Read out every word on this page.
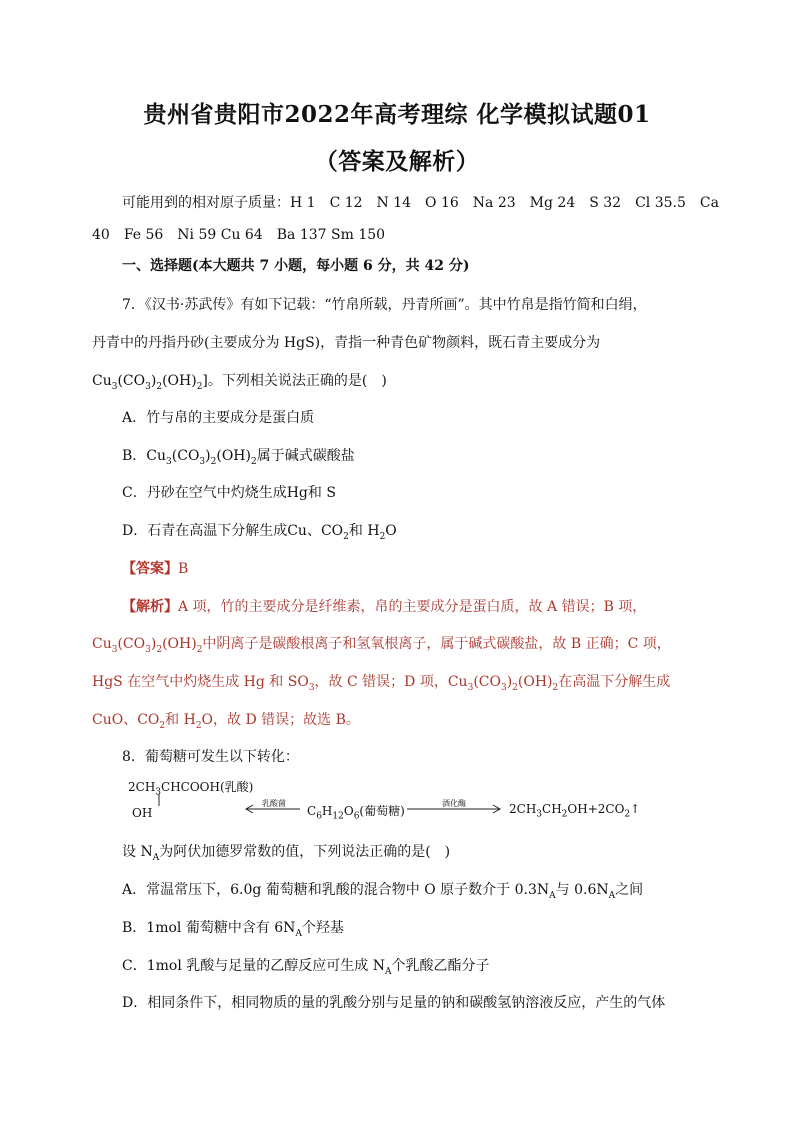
贵州省贵阳市2022年高考理综 化学模拟试题01
（答案及解析）
可能用到的相对原子质量：H 1　C 12　N 14　O 16　Na 23　Mg 24　S 32　Cl 35.5　Ca
40　Fe 56　Ni 59 Cu 64　Ba 137 Sm 150
一、选择题(本大题共 7 小题，每小题 6 分，共 42 分)
7．《汉书·苏武传》有如下记载：“竹帛所载，丹青所画”。其中竹帛是指竹简和白绢，
丹青中的丹指丹砂(主要成分为 HgS)，青指一种青色矿物颜料，既石青主要成分为
$Cu_3(CO_3)_2(OH)_2$]。下列相关说法正确的是(　)
A．竹与帛的主要成分是蛋白质
B．$Cu_3(CO_3)_2(OH)_2$属于碱式碳酸盐
C．丹砂在空气中灼烧生成Hg和 S
D．石青在高温下分解生成Cu、$CO_2$和 $H_2O$
【答案】B
【解析】A 项，竹的主要成分是纤维素，帛的主要成分是蛋白质，故 A 错误；B 项，
$Cu_3(CO_3)_2(OH)_2$中阴离子是碳酸根离子和氢氧根离子，属于碱式碳酸盐，故 B 正确；C 项，
HgS 在空气中灼烧生成 Hg 和 $SO_3$，故 C 错误；D 项，$Cu_3(CO_3)_2(OH)_2$在高温下分解生成
CuO、$CO_2$和 $H_2O$，故 D 错误；故选 B。
8．葡萄糖可发生以下转化：
$2CH_3CHCOOH$(乳酸)
OH
乳酸菌
$C_6H_{12}O_6$(葡萄糖)
酒化酶	$2CH_3CH_2OH+2CO_2↑$
设 $N_A$为阿伏加德罗常数的值，下列说法正确的是(　)
A．常温常压下，6.0g 葡萄糖和乳酸的混合物中 O 原子数介于 $0.3N_A$与 $0.6N_A$之间
B．1mol 葡萄糖中含有 $6N_A$个羟基
C．1mol 乳酸与足量的乙醇反应可生成 $N_A$个乳酸乙酯分子
D．相同条件下，相同物质的量的乳酸分别与足量的钠和碳酸氢钠溶液反应，产生的气体
